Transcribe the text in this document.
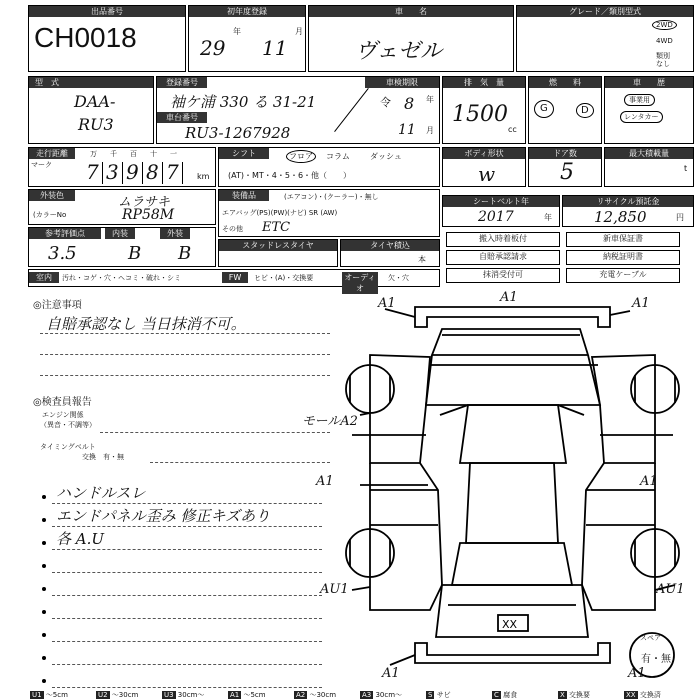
出品番号
CH0018
初年度登録
29
年
11
月
車　　名
ヴェゼル
グレード／類別型式
2WD
4WD
類別
なし
型　式
DAA-
RU3
登録番号
袖ケ浦 330 る 31-21
車台番号
RU3-1267928
車検期限
令 8 年
11 月
排　気　量
1500
cc
燃　　料
G	D
車　　歴
事業用
レンタカー
走行距離
マーク
万
7
千
3
百
9
十
8
一
7 km
シフト	フロア	コラム	ダッシュ
(AT)・MT・4・5・6・他（　　）
ボディ形状
w
ドア数
5
最大積載量
t
外装色
(カラーNo
ムラサキ
RP58M
装備品	(エアコン)・(クーラー)・無し
エアバッグ(PS)(PW)(ナビ) SR (AW)
その他 ETC
シートベルト年
2017	年
リサイクル預託金
12,850	円
参考評価点
3.5
内装
B
外装
B	スタッドレスタイヤ	タイヤ積込
本
搬入時着板付	新車保証書
自賠承認請求	納税証明書
抹消受付可	充電ケーブル
室内	汚れ・コゲ・穴・ヘコミ・破れ・シミ	FW	ヒビ・(A)・交換要	オーディオ
欠・穴
◎注意事項
自賠承認なし 当日抹消不可。
◎検査員報告
エンジン関係
（異音・不調等）
タイミングベルト
交換　有・無
ハンドルスレ
エンドパネル歪み 修正キズあり
各 A.U
XX
A1	A1	A1
モールA2
A1	A1
AU1	AU1
A1	A1
スペア
有・無
U1 ～5cm	U2 ～30cm	U3 30cm～	A1 ～5cm	A2 ～30cm	A3 30cm～	S サビ	C 腐食	X 交換要	XX 交換済
